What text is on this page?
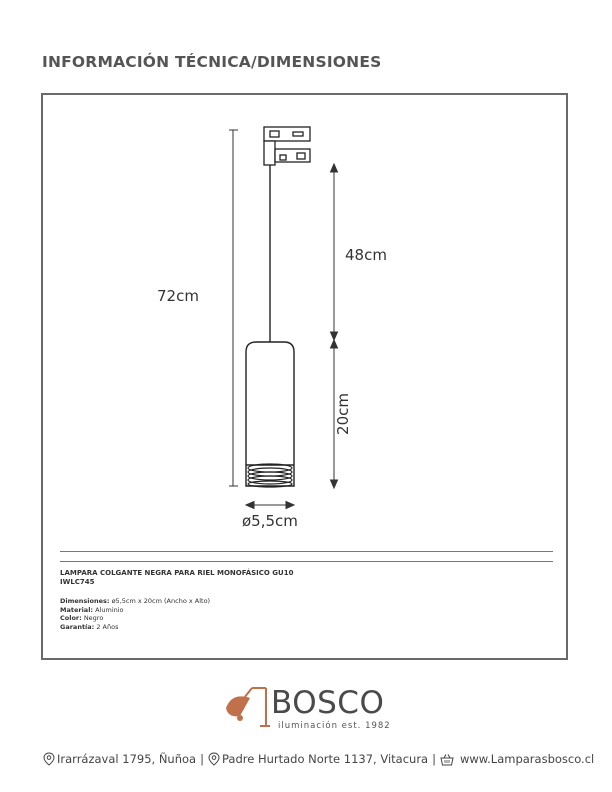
INFORMACIÓN TÉCNICA/DIMENSIONES
72cm
48cm
20cm
ø5,5cm
LAMPARA COLGANTE NEGRA PARA RIEL MONOFÁSICO GU10
IWLC745
Dimensiones: ø5,5cm x 20cm (Ancho x Alto)
Material: Aluminio
Color: Negro
Garantía: 2 Años
BOSCO
iluminación est. 1982
Irarrázaval 1795, Ñuñoa | Padre Hurtado Norte 1137, Vitacura | www.Lamparasbosco.cl
